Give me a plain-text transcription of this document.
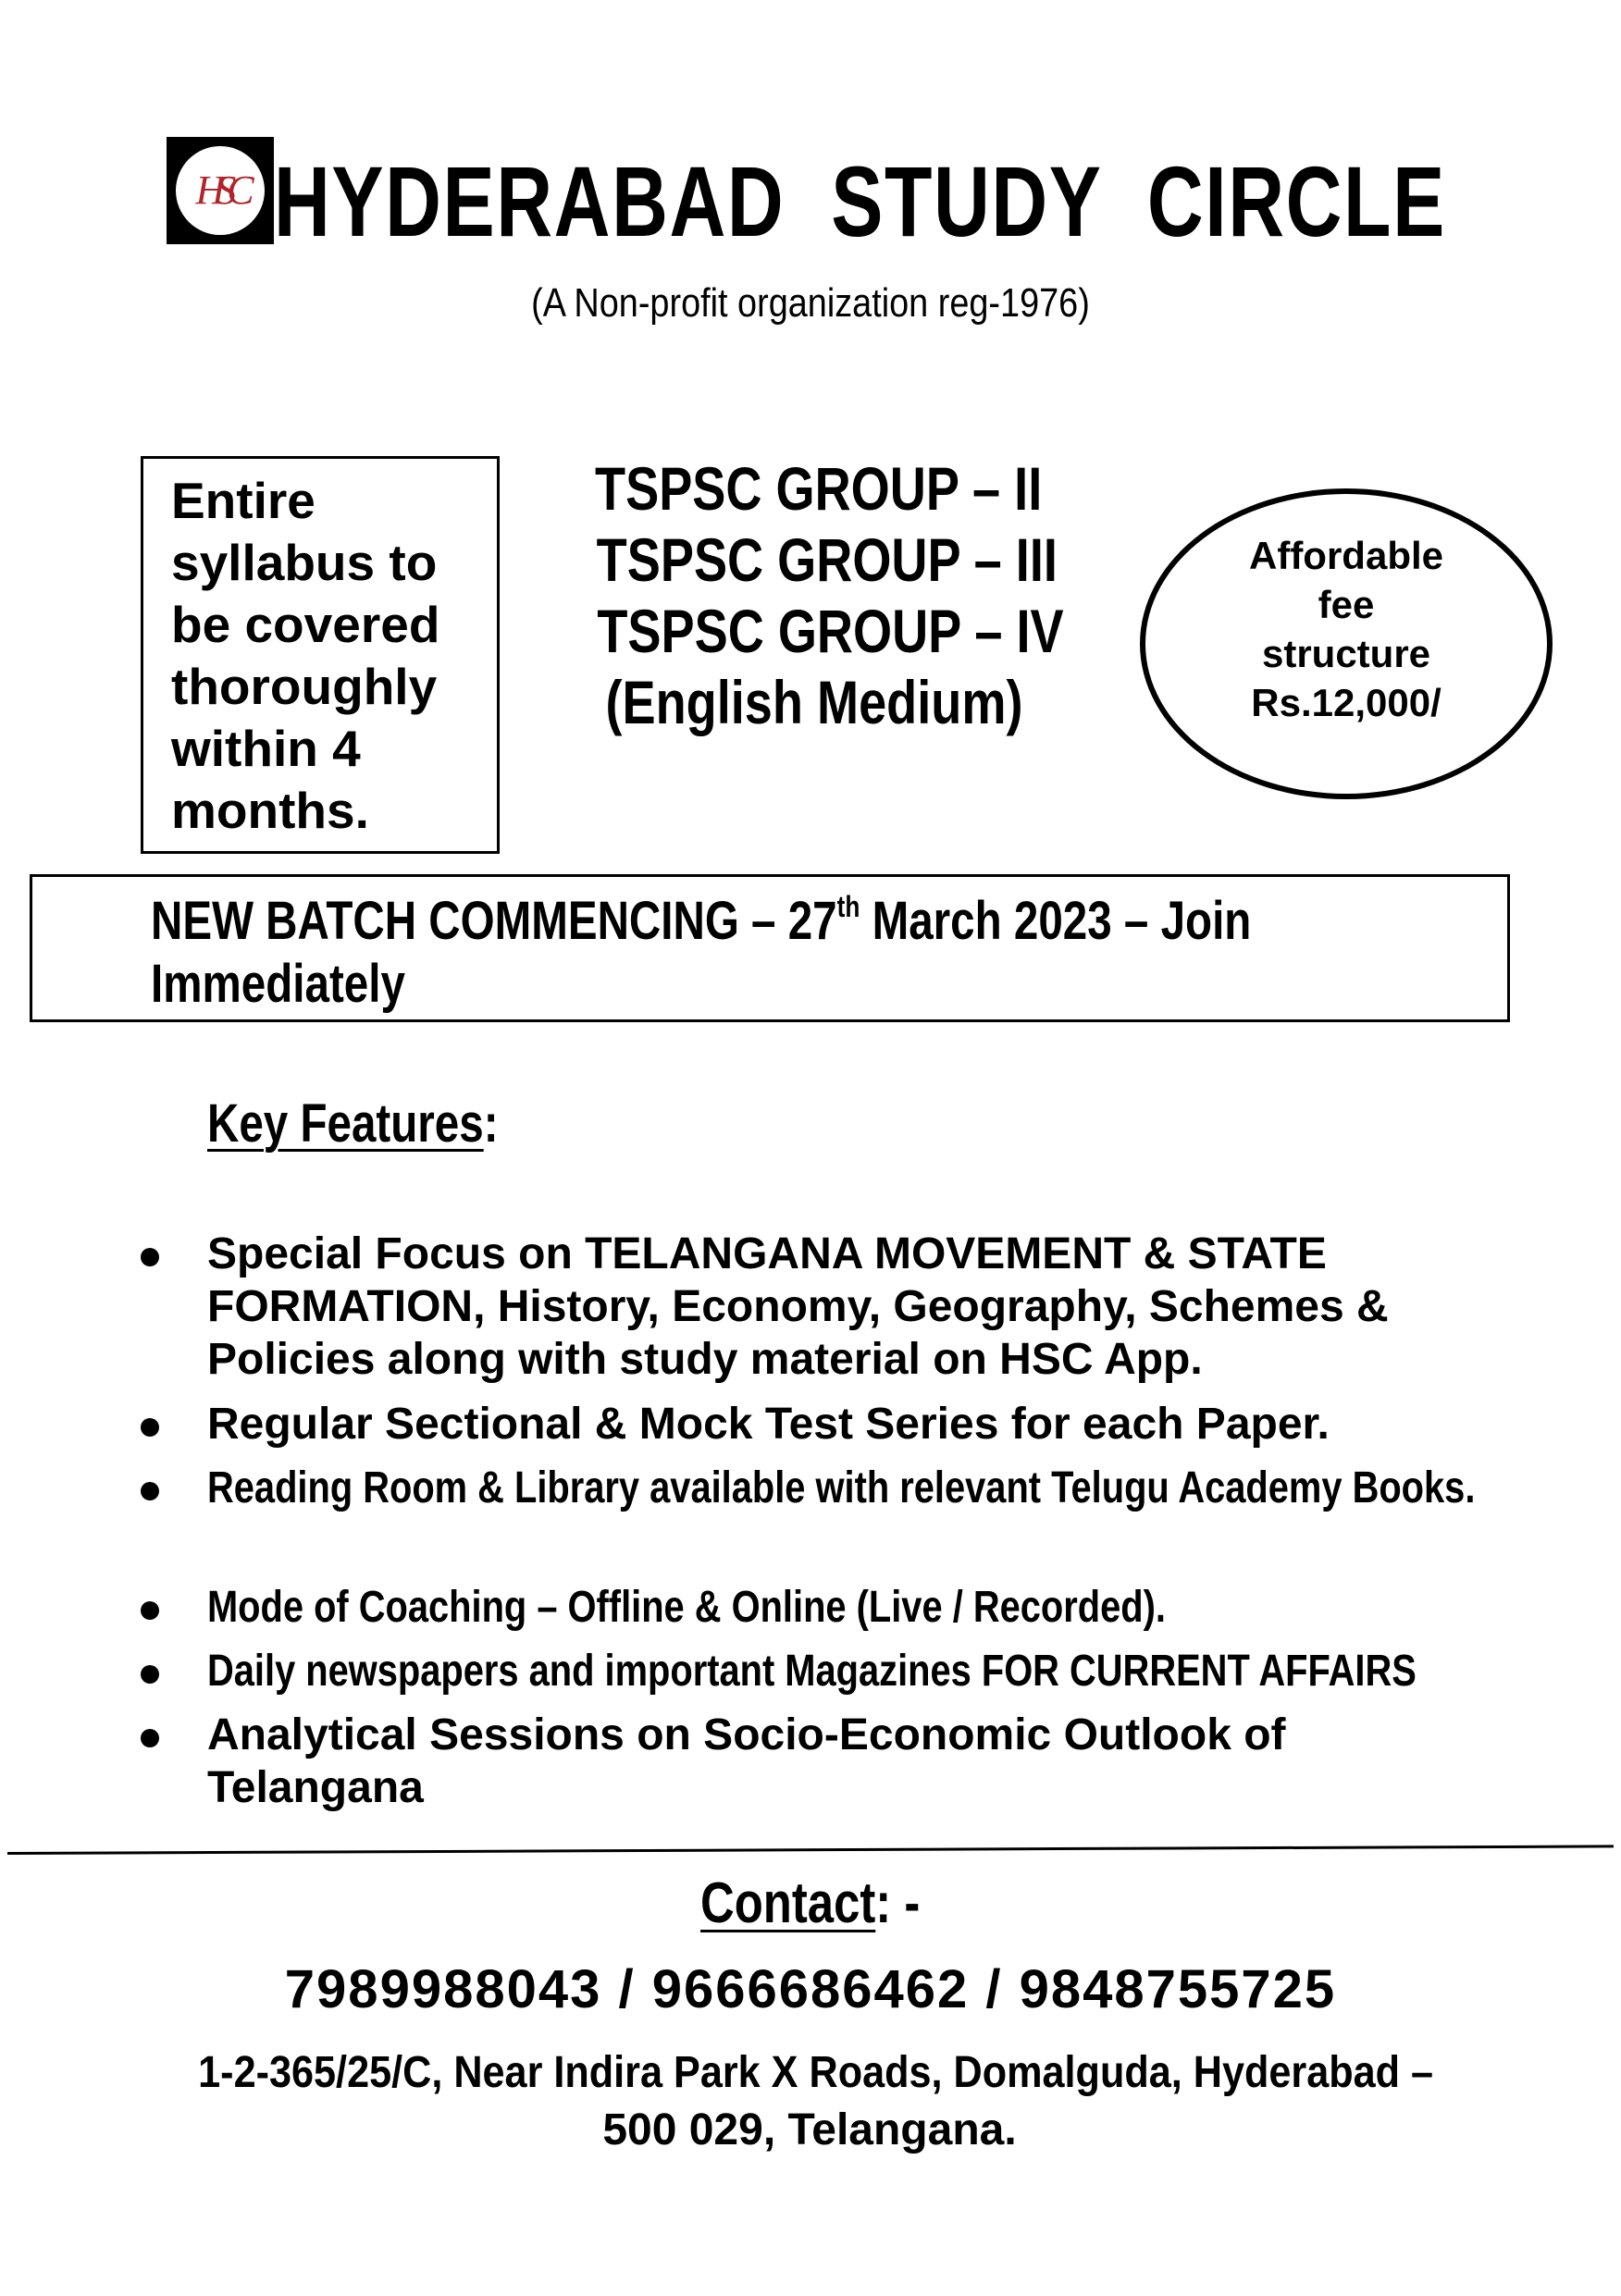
HSC HYDERABAD  STUDY  CIRCLE
(A Non-profit organization reg-1976)
Entire
syllabus to
be covered
thoroughly
within 4
months.
TSPSC GROUP – II
TSPSC GROUP – III
TSPSC GROUP – IV
(English Medium)
Affordable
fee
structure
Rs.12,000/
NEW BATCH COMMENCING – 27th March 2023 – Join
Immediately
Key Features:
Special Focus on TELANGANA MOVEMENT & STATE FORMATION, History, Economy, Geography, Schemes & Policies along with study material on HSC App.
Regular Sectional & Mock Test Series for each Paper.
Reading Room & Library available with relevant Telugu Academy Books.
Mode of Coaching – Offline & Online (Live / Recorded).
Daily newspapers and important Magazines FOR CURRENT AFFAIRS
Analytical Sessions on Socio-Economic Outlook of Telangana
Contact: -
7989988043 / 9666686462 / 9848755725
1-2-365/25/C, Near Indira Park X Roads, Domalguda, Hyderabad –
500 029, Telangana.
